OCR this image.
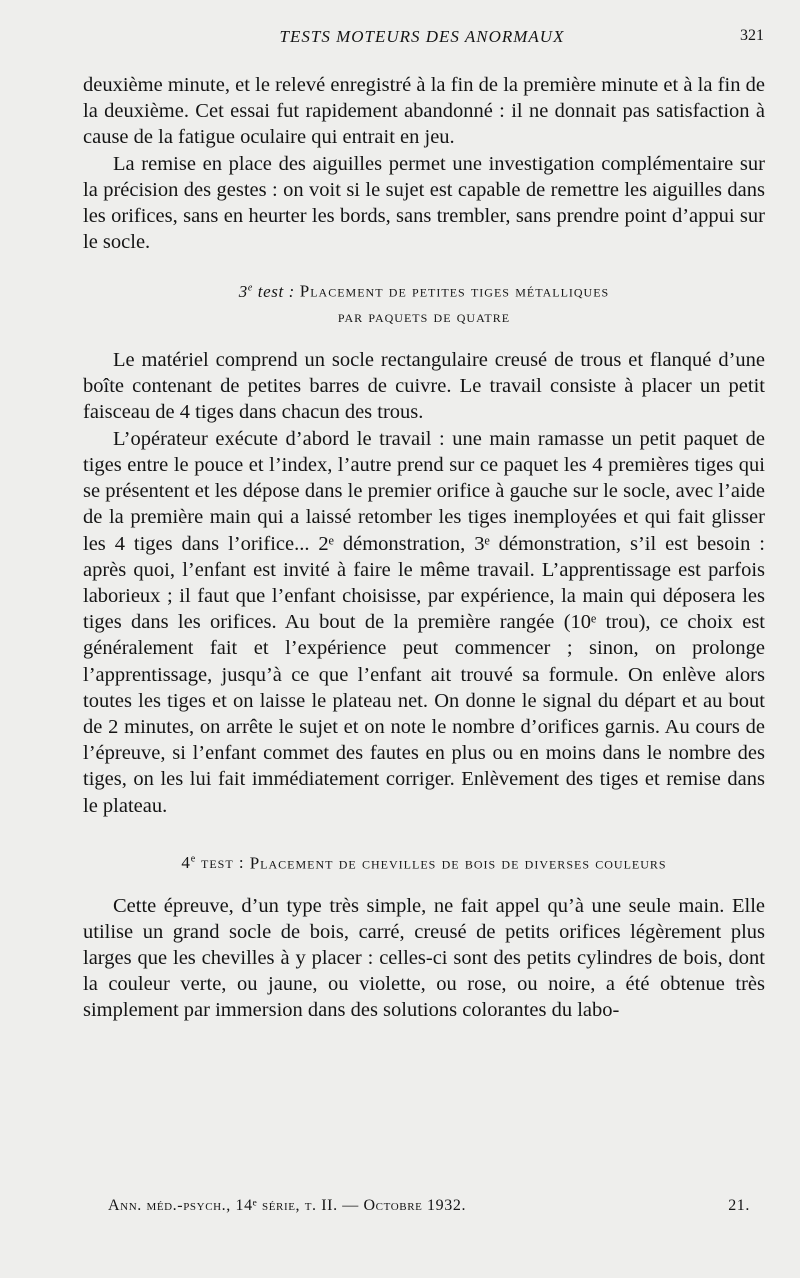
TESTS MOTEURS DES ANORMAUX	321

deuxième minute, et le relevé enregistré à la fin de la première minute et à la fin de la deuxième. Cet essai fut rapidement abandonné : il ne donnait pas satisfaction à cause de la fatigue oculaire qui entrait en jeu.

La remise en place des aiguilles permet une investigation complémentaire sur la précision des gestes : on voit si le sujet est capable de remettre les aiguilles dans les orifices, sans en heurter les bords, sans trembler, sans prendre point d’appui sur le socle.

3e test : Placement de petites tiges métalliques
par paquets de quatre

Le matériel comprend un socle rectangulaire creusé de trous et flanqué d’une boîte contenant de petites barres de cuivre. Le travail consiste à placer un petit faisceau de 4 tiges dans chacun des trous.

L’opérateur exécute d’abord le travail : une main ramasse un petit paquet de tiges entre le pouce et l’index, l’autre prend sur ce paquet les 4 premières tiges qui se présentent et les dépose dans le premier orifice à gauche sur le socle, avec l’aide de la première main qui a laissé retomber les tiges inemployées et qui fait glisser les 4 tiges dans l’orifice... 2ᵉ démonstration, 3ᵉ démonstration, s’il est besoin : après quoi, l’enfant est invité à faire le même travail. L’apprentissage est parfois laborieux ; il faut que l’enfant choisisse, par expérience, la main qui déposera les tiges dans les orifices. Au bout de la première rangée (10ᵉ trou), ce choix est généralement fait et l’expérience peut commencer ; sinon, on prolonge l’apprentissage, jusqu’à ce que l’enfant ait trouvé sa formule. On enlève alors toutes les tiges et on laisse le plateau net. On donne le signal du départ et au bout de 2 minutes, on arrête le sujet et on note le nombre d’orifices garnis. Au cours de l’épreuve, si l’enfant commet des fautes en plus ou en moins dans le nombre des tiges, on les lui fait immédiatement corriger. Enlèvement des tiges et remise dans le plateau.

4e test : Placement de chevilles de bois de diverses couleurs

Cette épreuve, d’un type très simple, ne fait appel qu’à une seule main. Elle utilise un grand socle de bois, carré, creusé de petits orifices légèrement plus larges que les chevilles à y placer : celles-ci sont des petits cylindres de bois, dont la couleur verte, ou jaune, ou violette, ou rose, ou noire, a été obtenue très simplement par immersion dans des solutions colorantes du labo-

Ann. méd.-psych., 14ᵉ série, t. II. — Octobre 1932.	21.
